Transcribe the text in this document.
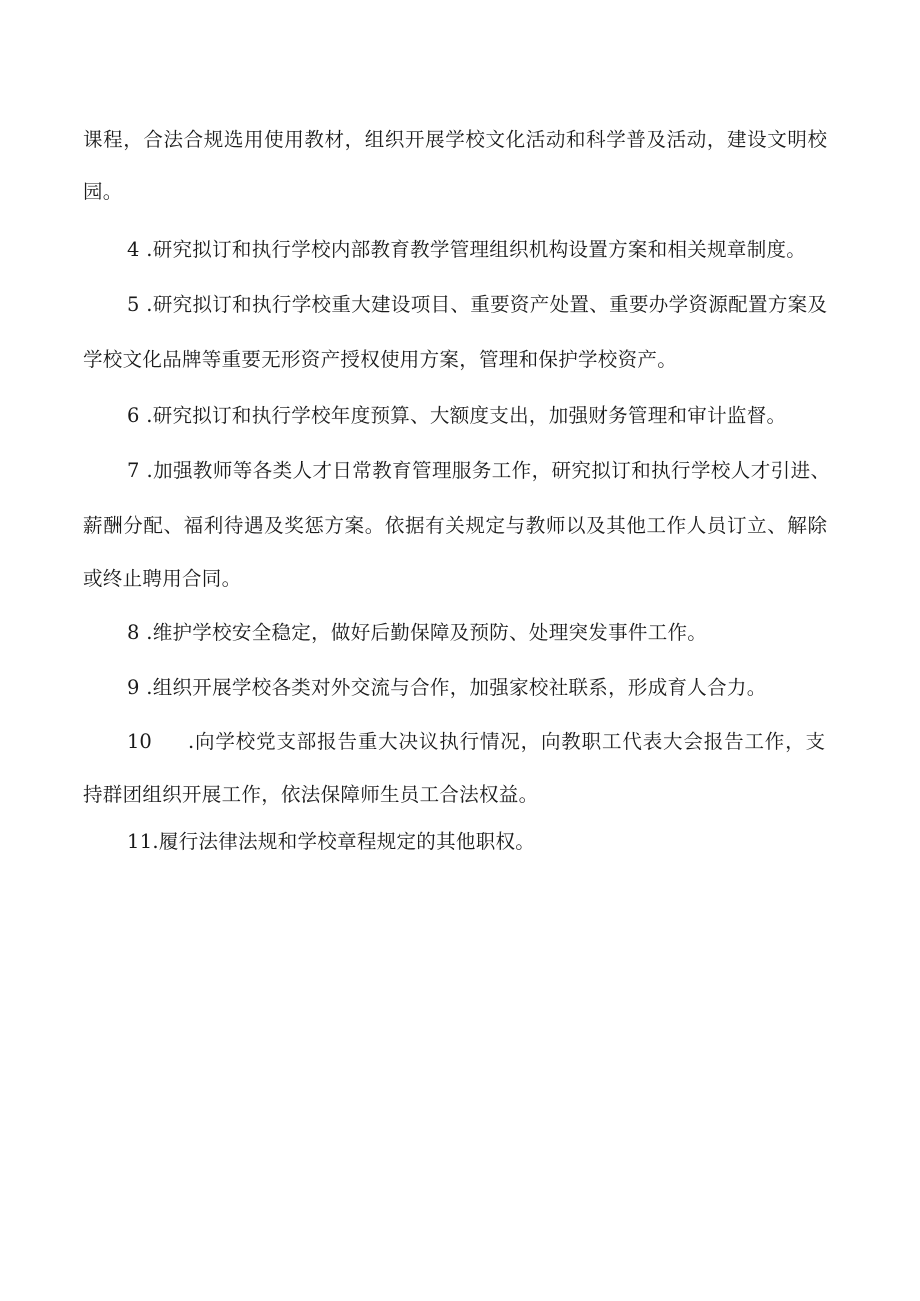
课程，合法合规选用使用教材，组织开展学校文化活动和科学普及活动，建设文明校
园。
4 .研究拟订和执行学校内部教育教学管理组织机构设置方案和相关规章制度。
5 .研究拟订和执行学校重大建设项目、重要资产处置、重要办学资源配置方案及
学校文化品牌等重要无形资产授权使用方案，管理和保护学校资产。
6 .研究拟订和执行学校年度预算、大额度支出，加强财务管理和审计监督。
7 .加强教师等各类人才日常教育管理服务工作，研究拟订和执行学校人才引进、
薪酬分配、福利待遇及奖惩方案。依据有关规定与教师以及其他工作人员订立、解除
或终止聘用合同。
8 .维护学校安全稳定，做好后勤保障及预防、处理突发事件工作。
9 .组织开展学校各类对外交流与合作，加强家校社联系，形成育人合力。
10 .向学校党支部报告重大决议执行情况，向教职工代表大会报告工作，支
持群团组织开展工作，依法保障师生员工合法权益。
11.履行法律法规和学校章程规定的其他职权。
